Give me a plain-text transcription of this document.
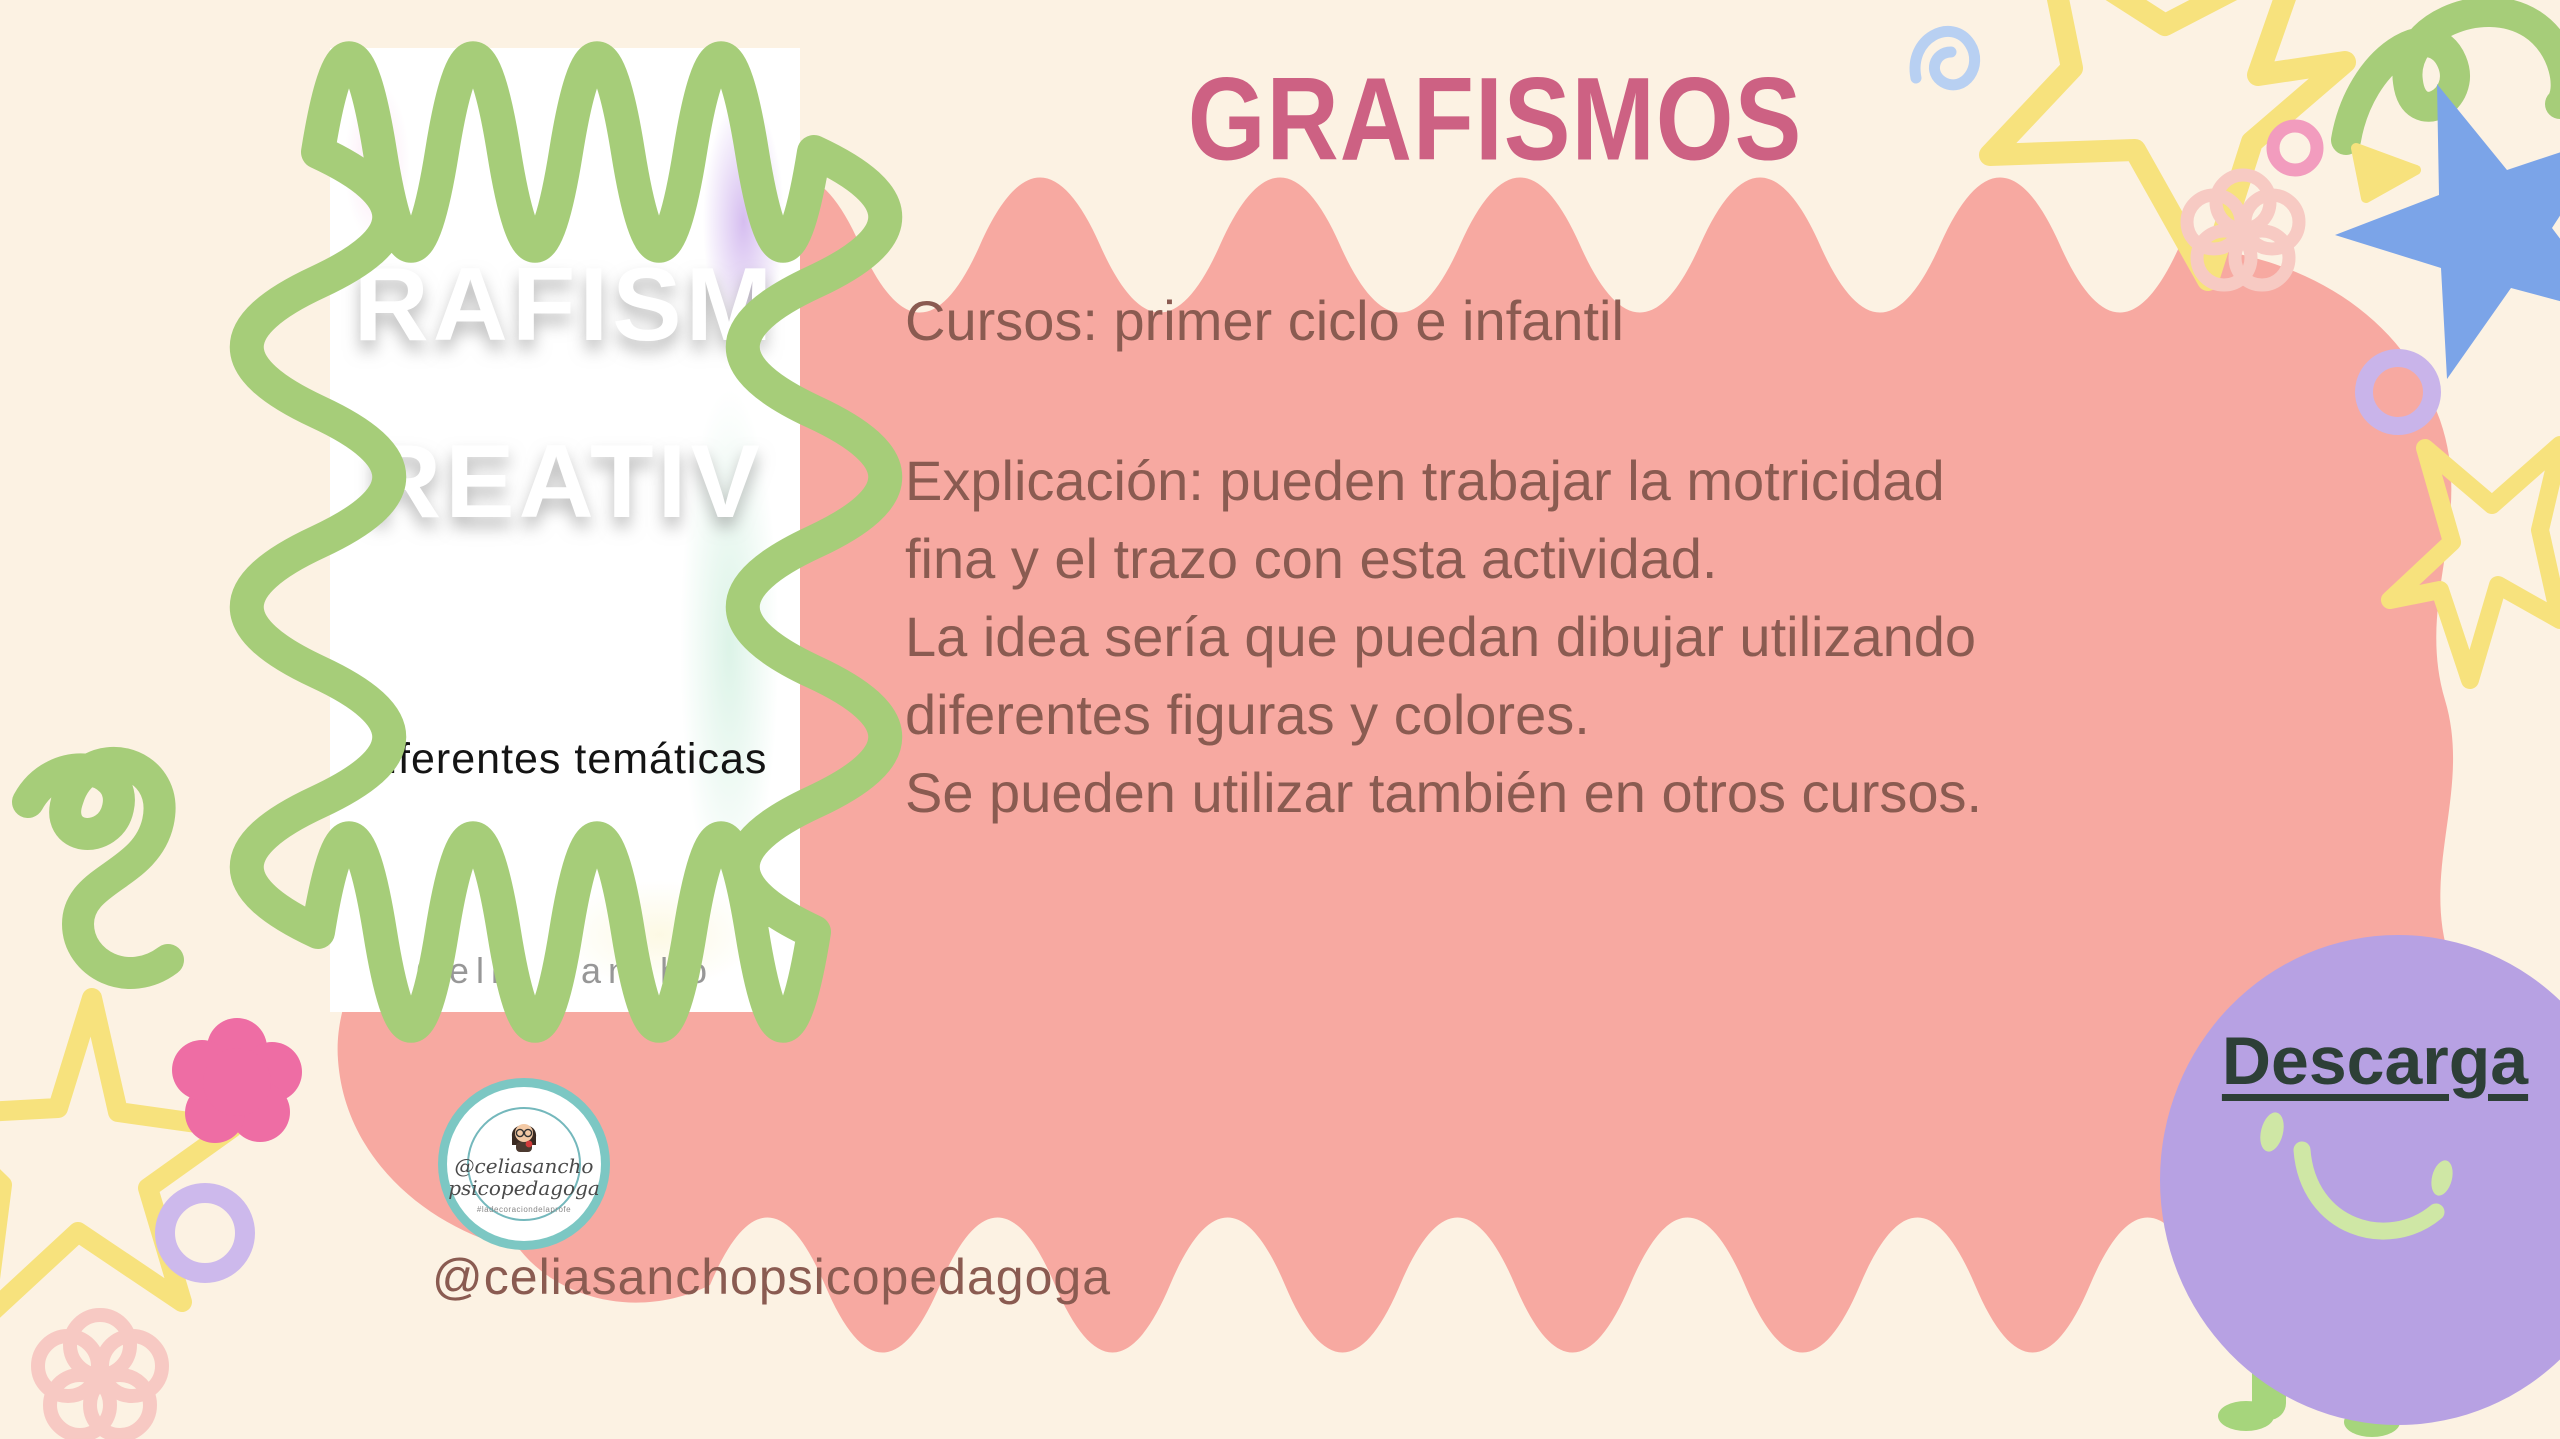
GRAFISMOS
RAFISM
REATIV
diferentes temáticas
Celia Sancho
Cursos: primer ciclo e infantil
Explicación: pueden trabajar la motricidad
fina y el trazo con esta actividad.
La idea sería que puedan dibujar utilizando
diferentes figuras y colores.
Se pueden utilizar también en otros cursos.
@celiasancho
psicopedagoga
#ladecoraciondelaprofe
@celiasanchopsicopedagoga
Descarga
